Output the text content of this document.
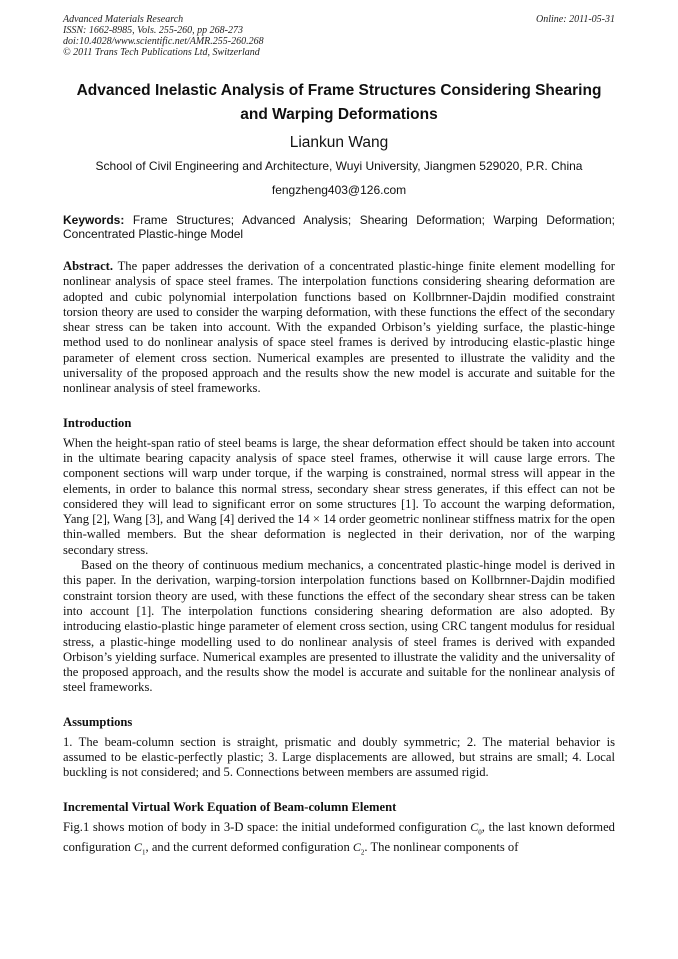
Advanced Materials Research
ISSN: 1662-8985, Vols. 255-260, pp 268-273
doi:10.4028/www.scientific.net/AMR.255-260.268
© 2011 Trans Tech Publications Ltd, Switzerland
Online: 2011-05-31
Advanced Inelastic Analysis of Frame Structures Considering Shearing and Warping Deformations
Liankun Wang
School of Civil Engineering and Architecture, Wuyi University, Jiangmen 529020, P.R. China
fengzheng403@126.com
Keywords: Frame Structures; Advanced Analysis; Shearing Deformation; Warping Deformation; Concentrated Plastic-hinge Model

Abstract. The paper addresses the derivation of a concentrated plastic-hinge finite element modelling for nonlinear analysis of space steel frames. The interpolation functions considering shearing deformation are adopted and cubic polynomial interpolation functions based on Kollbrnner-Dajdin modified constraint torsion theory are used to consider the warping deformation, with these functions the effect of the secondary shear stress can be taken into account. With the expanded Orbison’s yielding surface, the plastic-hinge method used to do nonlinear analysis of space steel frames is derived by introducing elastic-plastic hinge parameter of element cross section. Numerical examples are presented to illustrate the validity and the universality of the proposed approach and the results show the new model is accurate and suitable for the nonlinear analysis of steel frameworks.

Introduction

When the height-span ratio of steel beams is large, the shear deformation effect should be taken into account in the ultimate bearing capacity analysis of space steel frames, otherwise it will cause large errors. The component sections will warp under torque, if the warping is constrained, normal stress will appear in the elements, in order to balance this normal stress, secondary shear stress generates, if this effect can not be considered they will lead to significant error on some structures [1]. To account the warping deformation, Yang [2], Wang [3], and Wang [4] derived the 14 × 14 order geometric nonlinear stiffness matrix for the open thin-walled members. But the shear deformation is neglected in their derivation, nor of the warping secondary stress.

Based on the theory of continuous medium mechanics, a concentrated plastic-hinge model is derived in this paper. In the derivation, warping-torsion interpolation functions based on Kollbrnner-Dajdin modified constraint torsion theory are used, with these functions the effect of the secondary shear stress can be taken into account [1]. The interpolation functions considering shearing deformation are also adopted. By introducing elastio-plastic hinge parameter of element cross section, using CRC tangent modulus for residual stress, a plastic-hinge modelling used to do nonlinear analysis of steel frames is derived with expanded Orbison’s yielding surface. Numerical examples are presented to illustrate the validity and the universality of the proposed approach, and the results show the model is accurate and suitable for the nonlinear analysis of steel frameworks.

Assumptions

1. The beam-column section is straight, prismatic and doubly symmetric; 2. The material behavior is assumed to be elastic-perfectly plastic; 3. Large displacements are allowed, but strains are small; 4. Local buckling is not considered; and 5. Connections between members are assumed rigid.

Incremental Virtual Work Equation of Beam-column Element

Fig.1 shows motion of body in 3-D space: the initial undeformed configuration $C_0$, the last known deformed configuration $C_1$, and the current deformed configuration $C_2$. The nonlinear components of
